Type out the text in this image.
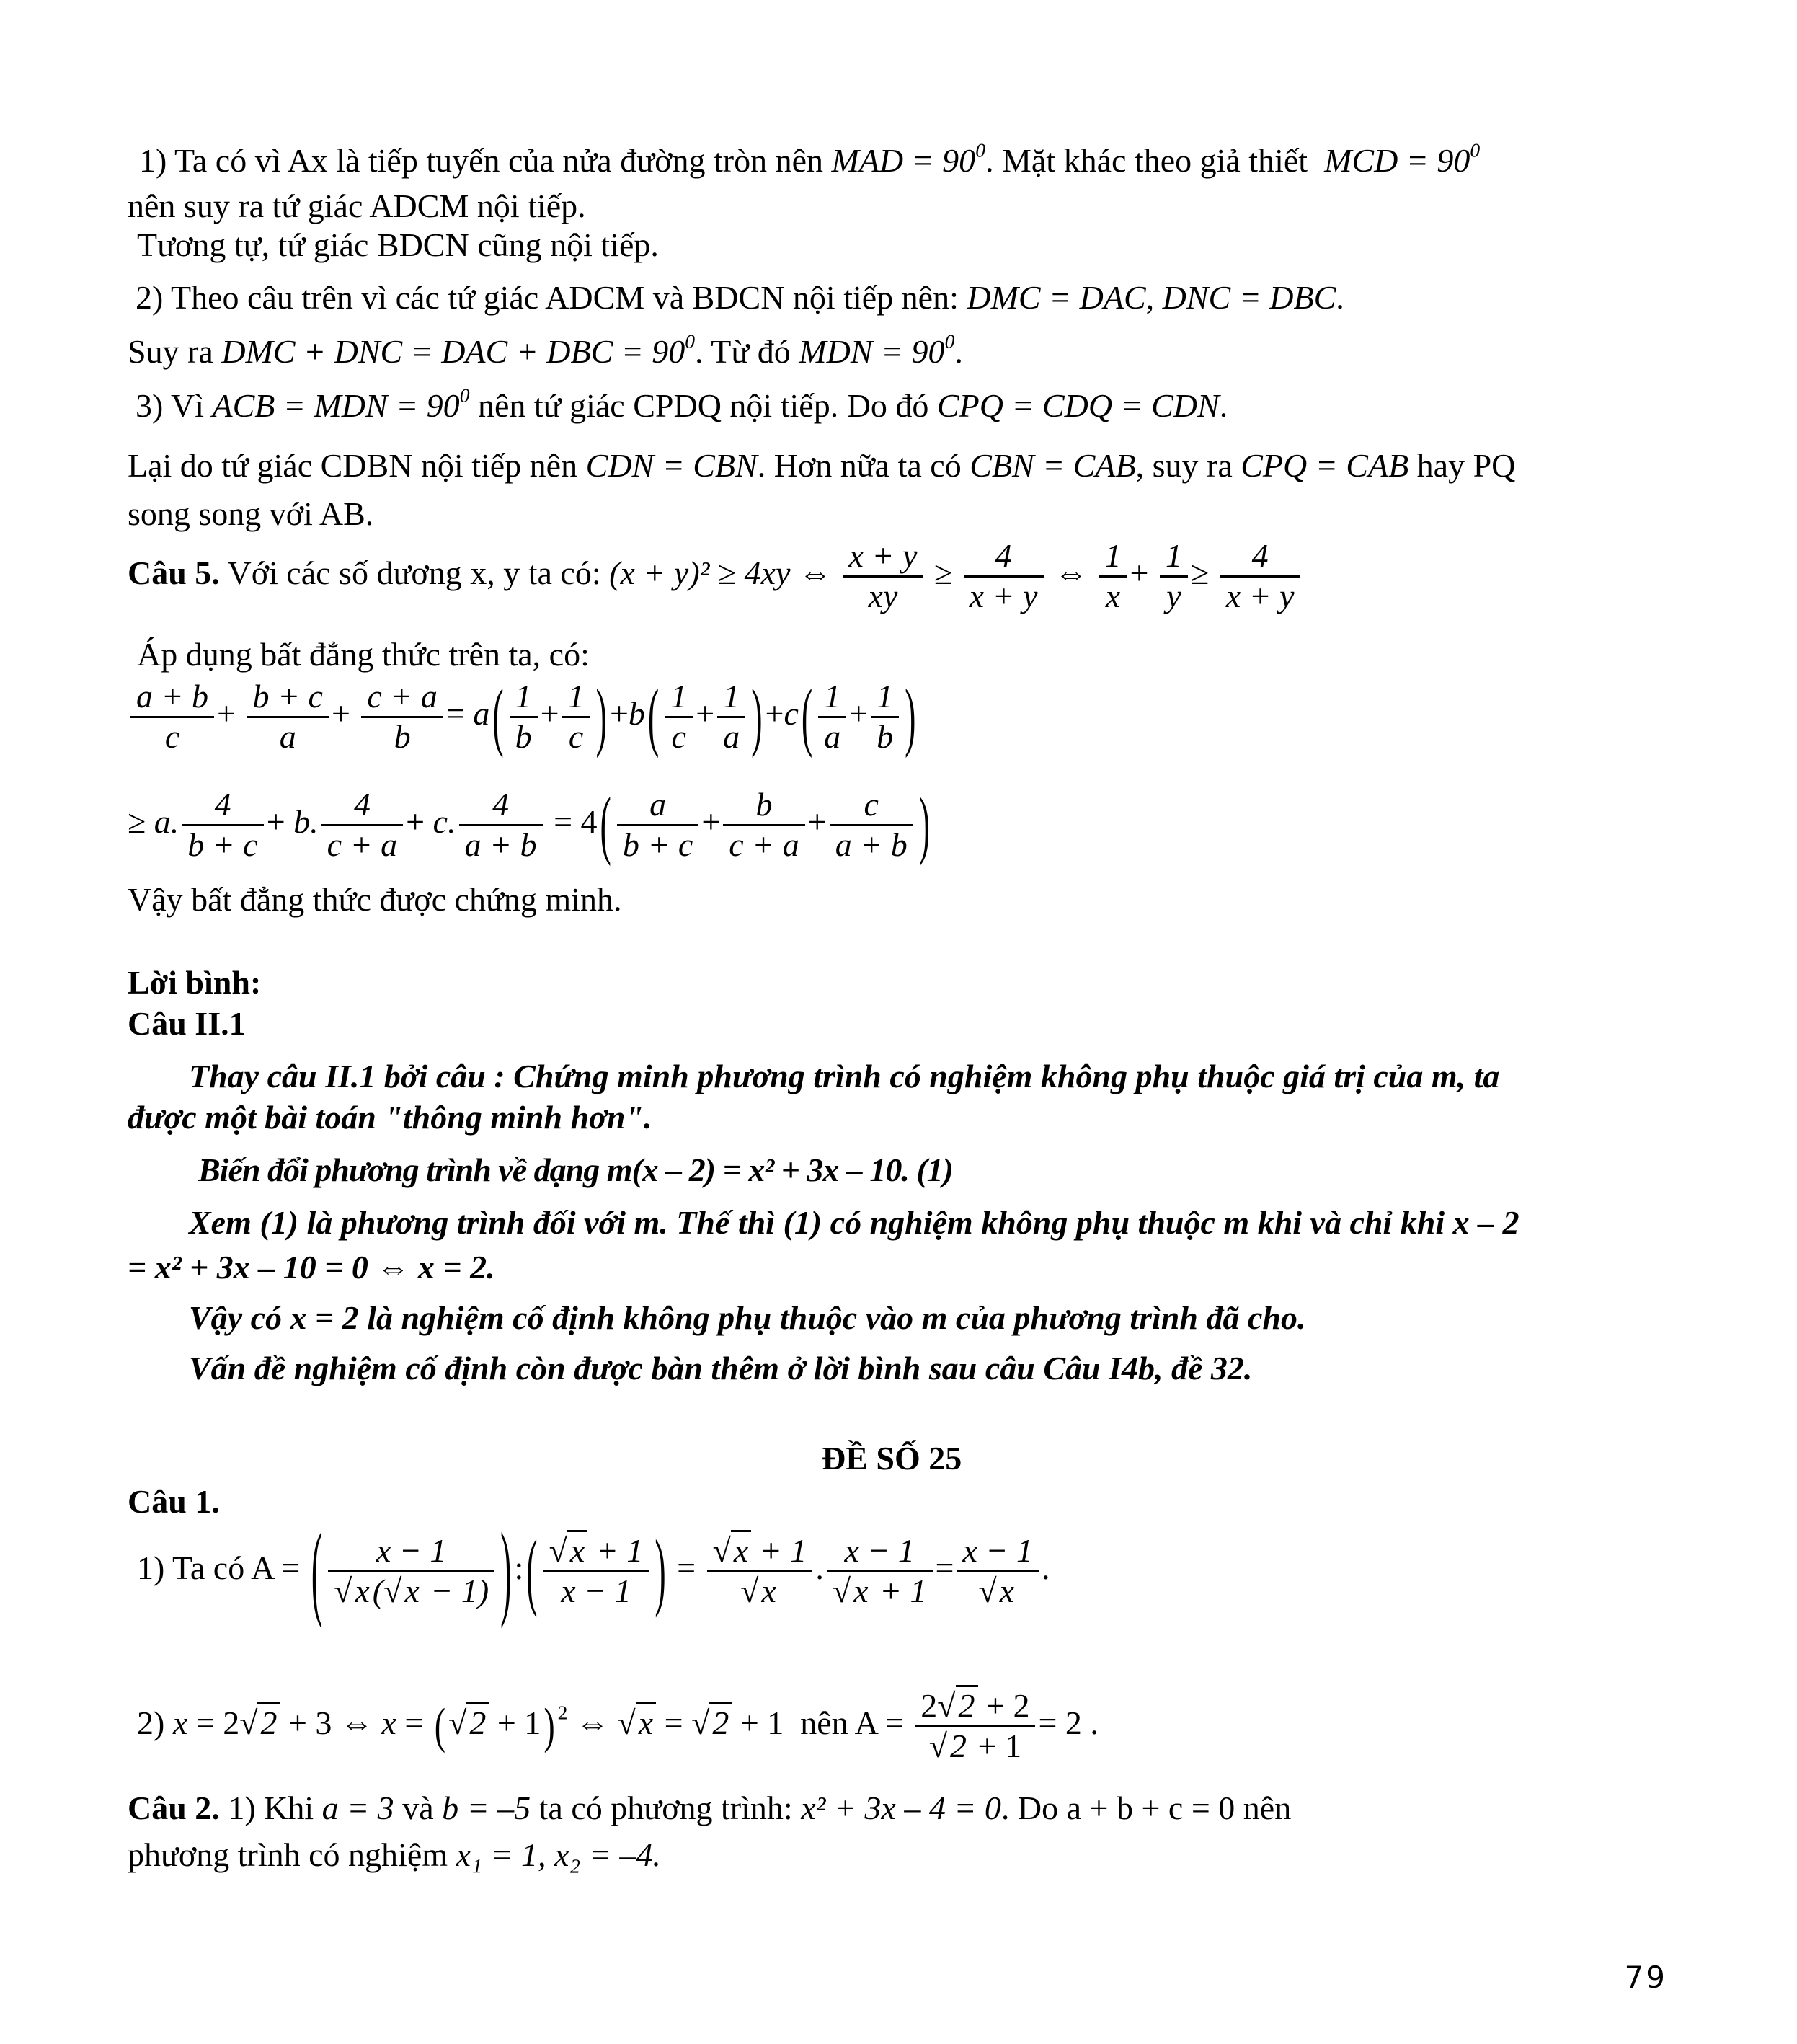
1) Ta có vì Ax là tiếp tuyến của nửa đường tròn nên MAD = $90^0$. Mặt khác theo giả thiết MCD = $90^0$
nên suy ra tứ giác ADCM nội tiếp.
Tương tự, tứ giác BDCN cũng nội tiếp.
2) Theo câu trên vì các tứ giác ADCM và BDCN nội tiếp nên: DMC = DAC, DNC = DBC.
Suy ra DMC + DNC = DAC + DBC = $90^0$. Từ đó MDN = $90^0$.
3) Vì ACB = MDN = $90^0$ nên tứ giác CPDQ nội tiếp. Do đó CPQ = CDQ = CDN.
Lại do tứ giác CDBN nội tiếp nên CDN = CBN. Hơn nữa ta có CBN = CAB, suy ra CPQ = CAB hay PQ
song song với AB.
Câu 5. Với các số dương x, y ta có: (x + y)² ≥ 4xy ⇔ $\frac{x + y}{xy} \ge \frac{4}{x + y}$ ⇔ $\frac{1}{x} + \frac{1}{y} \ge \frac{4}{x + y}$
Áp dụng bất đẳng thức trên ta, có:
$\frac{a + b}{c} + \frac{b + c}{a} + \frac{c + a}{b} = a( \frac{1}{b} + \frac{1}{c} )+b( \frac{1}{c} + \frac{1}{a} )+c( \frac{1}{a} + \frac{1}{b}$ )
≥ a. $\frac{4}{b + c} + b$. $\frac{4}{c + a} + c$. $\frac{4}{a + b} = 4( \frac{a}{b + c} + \frac{b}{c + a} + \frac{c}{a + b}$ )
Vậy bất đẳng thức được chứng minh.
Lời bình:
Câu II.1
Thay câu II.1 bởi câu : Chứng minh phương trình có nghiệm không phụ thuộc giá trị của m, ta
được một bài toán "thông minh hơn".
Biến đổi phương trình về dạng m(x – 2) = x² + 3x – 10. (1)
Xem (1) là phương trình đối với m. Thế thì (1) có nghiệm không phụ thuộc m khi và chỉ khi x – 2
= x² + 3x – 10 = 0 ⇔ x = 2.
Vậy có x = 2 là nghiệm cố định không phụ thuộc vào m của phương trình đã cho.
Vấn đề nghiệm cố định còn được bàn thêm ở lời bình sau câu Câu I4b, đề 32.
ĐỀ SỐ 25
Câu 1.
1) Ta có A = ( $\frac{x - 1}{√x(√x - 1)}$ ):( $\frac{√x + 1}{x - 1}$ ) = $\frac{√x + 1}{√x}$ . $\frac{x - 1}{√x + 1} = \frac{x - 1}{√x}$ .
2) x = 2√2 + 3 ⇔ x = (√2 + 1) $^2$ ⇔ √x = √2 + 1  nên $A = \frac{2√2 + 2}{√2 + 1} = 2$ .
Câu 2. 1) Khi a = 3 và b = –5 ta có phương trình: x² + 3x – 4 = 0. Do a + b + c = 0 nên
phương trình có nghiệm x₁ = 1, x₂ = –4.
79
